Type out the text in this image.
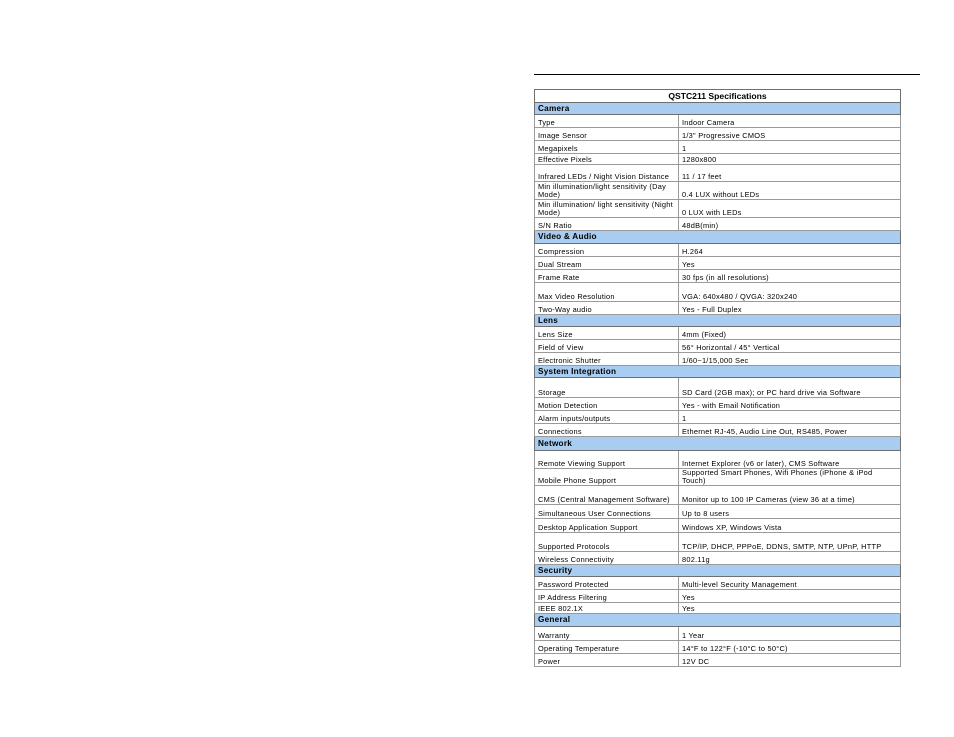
QSTC211 Specifications	
Camera	
Type	Indoor Camera
Image Sensor	1/3" Progressive CMOS
Megapixels	1
Effective Pixels	1280x800
Infrared LEDs / Night Vision Distance	11 / 17 feet
Min illumination/light sensitivity (Day Mode)	0.4 LUX without LEDs
Min illumination/ light sensitivity (Night Mode)	0 LUX with LEDs
S/N Ratio	48dB(min)
Video & Audio	
Compression	H.264
Dual Stream	Yes
Frame Rate	30 fps (in all resolutions)
Max Video Resolution	VGA: 640x480 / QVGA: 320x240
Two-Way audio	Yes - Full Duplex
Lens	
Lens Size	4mm (Fixed)
Field of View	56° Horizontal / 45° Vertical
Electronic Shutter	1/60~1/15,000 Sec
System Integration	
Storage	SD Card (2GB max); or PC hard drive via Software
Motion Detection	Yes - with Email Notification
Alarm inputs/outputs	1
Connections	Ethernet RJ-45, Audio Line Out, RS485, Power
Network	
Remote Viewing Support	Internet Explorer (v6 or later), CMS Software
Mobile Phone Support	Supported Smart Phones, Wifi Phones (iPhone & iPod Touch)
CMS (Central Management Software)	Monitor up to 100 IP Cameras (view 36 at a time)
Simultaneous User Connections	Up to 8 users
Desktop Application Support	Windows XP, Windows Vista
Supported Protocols	TCP/IP, DHCP, PPPoE, DDNS, SMTP, NTP, UPnP, HTTP
Wireless Connectivity	802.11g
Security	
Password Protected	Multi-level Security Management
IP Address Filtering	Yes
IEEE 802.1X	Yes
General	
Warranty	1 Year
Operating Temperature	14°F to 122°F (-10°C to 50°C)
Power	12V DC
